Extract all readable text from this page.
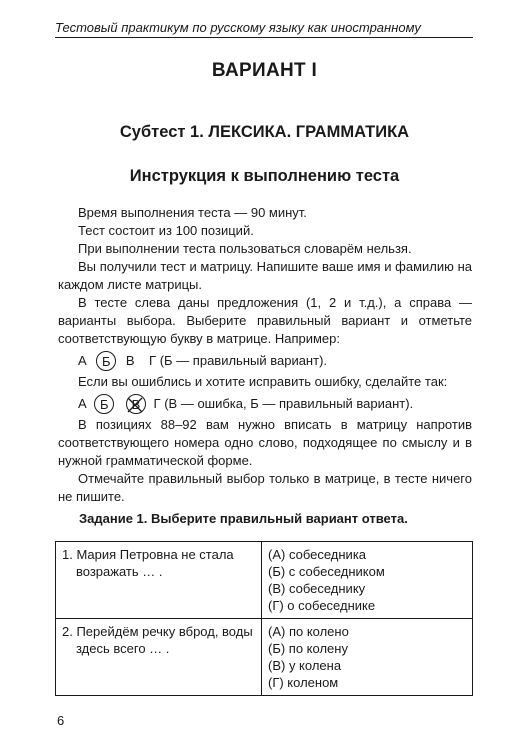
Тестовый практикум по русскому языку как иностранному
ВАРИАНТ I
Субтест 1. ЛЕКСИКА. ГРАММАТИКА
Инструкция к выполнению теста

Время выполнения теста — 90 минут.

Тест состоит из 100 позиций.

При выполнении теста пользоваться словарём нельзя.

Вы получили тест и матрицу. Напишите ваше имя и фамилию на каждом листе матрицы.

В тесте слева даны предложения (1, 2 и т.д.), а справа — варианты выбора. Выберите правильный вариант и отметьте соответствующую букву в матрице. Например:

А Б В Г (Б — правильный вариант).

Если вы ошиблись и хотите исправить ошибку, сделайте так:

А Б В Г (В — ошибка, Б — правильный вариант).

В позициях 88–92 вам нужно вписать в матрицу напротив соответствующего номера одно слово, подходящее по смыслу и в нужной грамматической форме.

Отмечайте правильный выбор только в матрице, в тесте ничего не пишите.

Задание 1. Выберите правильный вариант ответа.
1. Мария Петровна не стала возражать … .	(А) собеседника
(Б) с собеседником
(В) собеседнику
(Г) о собеседнике

2. Перейдём речку вброд, воды здесь всего … .	(А) по колено
(Б) по колену
(В) у колена
(Г) коленом
6
